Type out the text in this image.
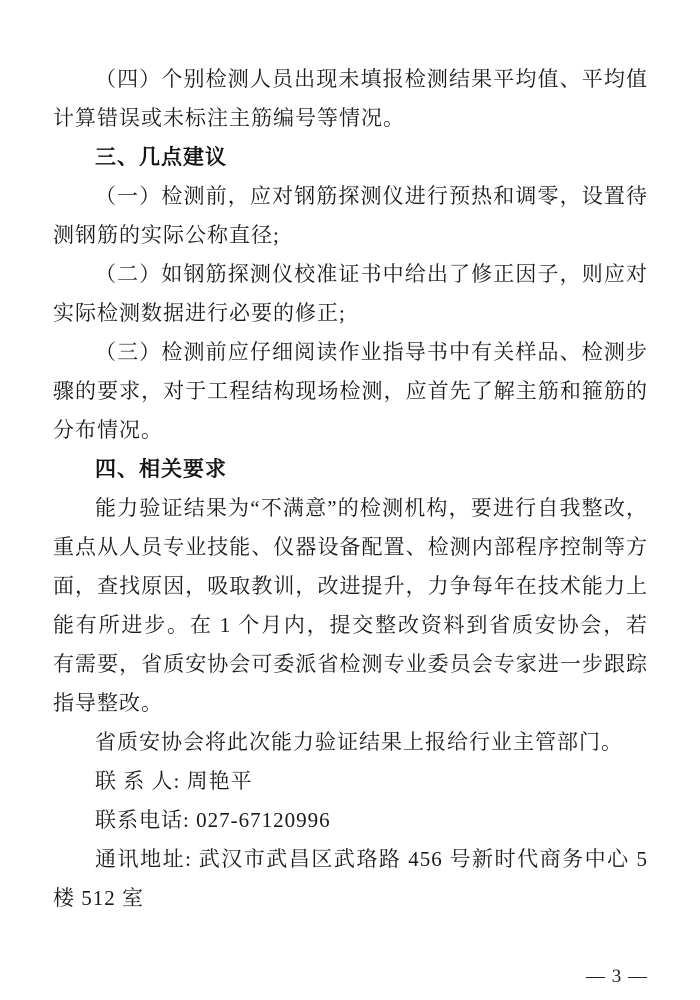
（四）个别检测人员出现未填报检测结果平均值、平均值计算错误或未标注主筋编号等情况。

三、几点建议

（一）检测前，应对钢筋探测仪进行预热和调零，设置待测钢筋的实际公称直径;

（二）如钢筋探测仪校准证书中给出了修正因子，则应对实际检测数据进行必要的修正;

（三）检测前应仔细阅读作业指导书中有关样品、检测步骤的要求，对于工程结构现场检测，应首先了解主筋和箍筋的分布情况。

四、相关要求

能力验证结果为“不满意”的检测机构，要进行自我整改，重点从人员专业技能、仪器设备配置、检测内部程序控制等方面，查找原因，吸取教训，改进提升，力争每年在技术能力上能有所进步。在 1 个月内，提交整改资料到省质安协会，若有需要，省质安协会可委派省检测专业委员会专家进一步跟踪指导整改。

省质安协会将此次能力验证结果上报给行业主管部门。

联 系 人: 周艳平

联系电话: 027-67120996

通讯地址: 武汉市武昌区武珞路 456 号新时代商务中心 5 楼 512 室

— 3 —
